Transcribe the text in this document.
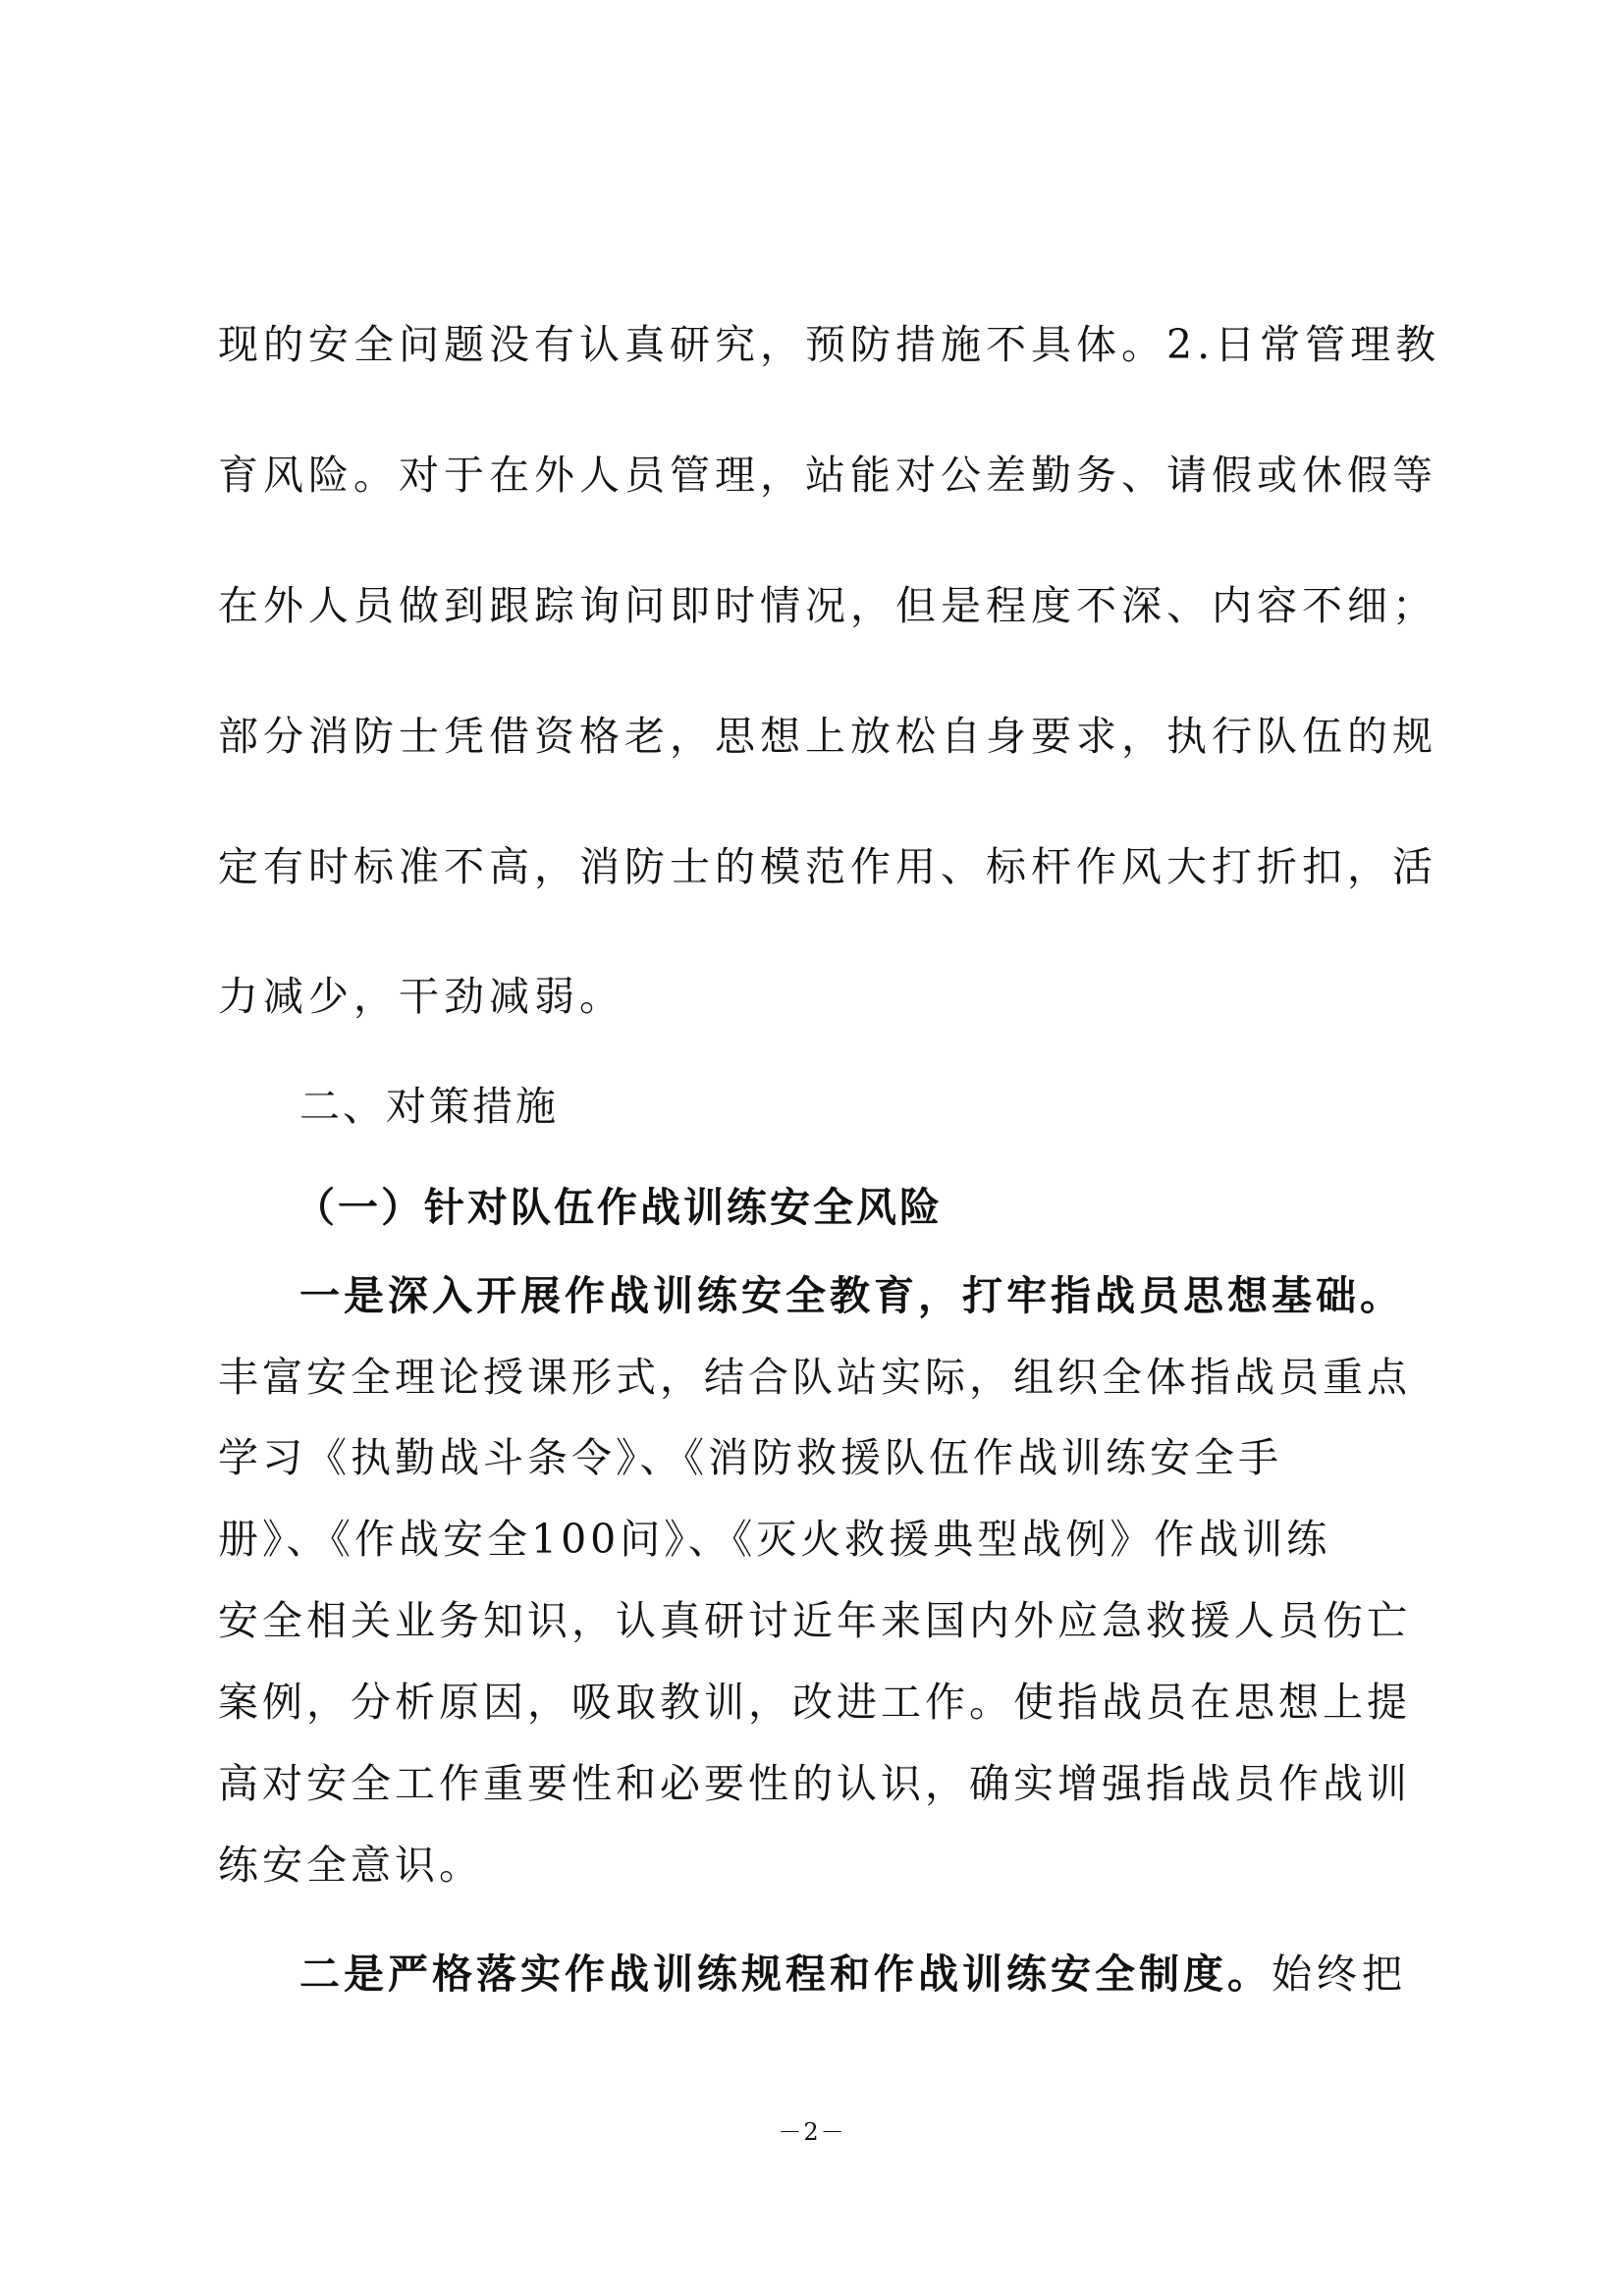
现的安全问题没有认真研究，预防措施不具体。2.日常管理教
育风险。对于在外人员管理，站能对公差勤务、请假或休假等
在外人员做到跟踪询问即时情况，但是程度不深、内容不细；
部分消防士凭借资格老，思想上放松自身要求，执行队伍的规
定有时标准不高，消防士的模范作用、标杆作风大打折扣，活
力减少，干劲减弱。
二、对策措施
（一）针对队伍作战训练安全风险
一是深入开展作战训练安全教育，打牢指战员思想基础。
丰富安全理论授课形式，结合队站实际，组织全体指战员重点
学习《执勤战斗条令》、《消防救援队伍作战训练安全手
册》、《作战安全100问》、《灭火救援典型战例》作战训练
安全相关业务知识，认真研讨近年来国内外应急救援人员伤亡
案例，分析原因，吸取教训，改进工作。使指战员在思想上提
高对安全工作重要性和必要性的认识，确实增强指战员作战训
练安全意识。
二是严格落实作战训练规程和作战训练安全制度。始终把
－2－
